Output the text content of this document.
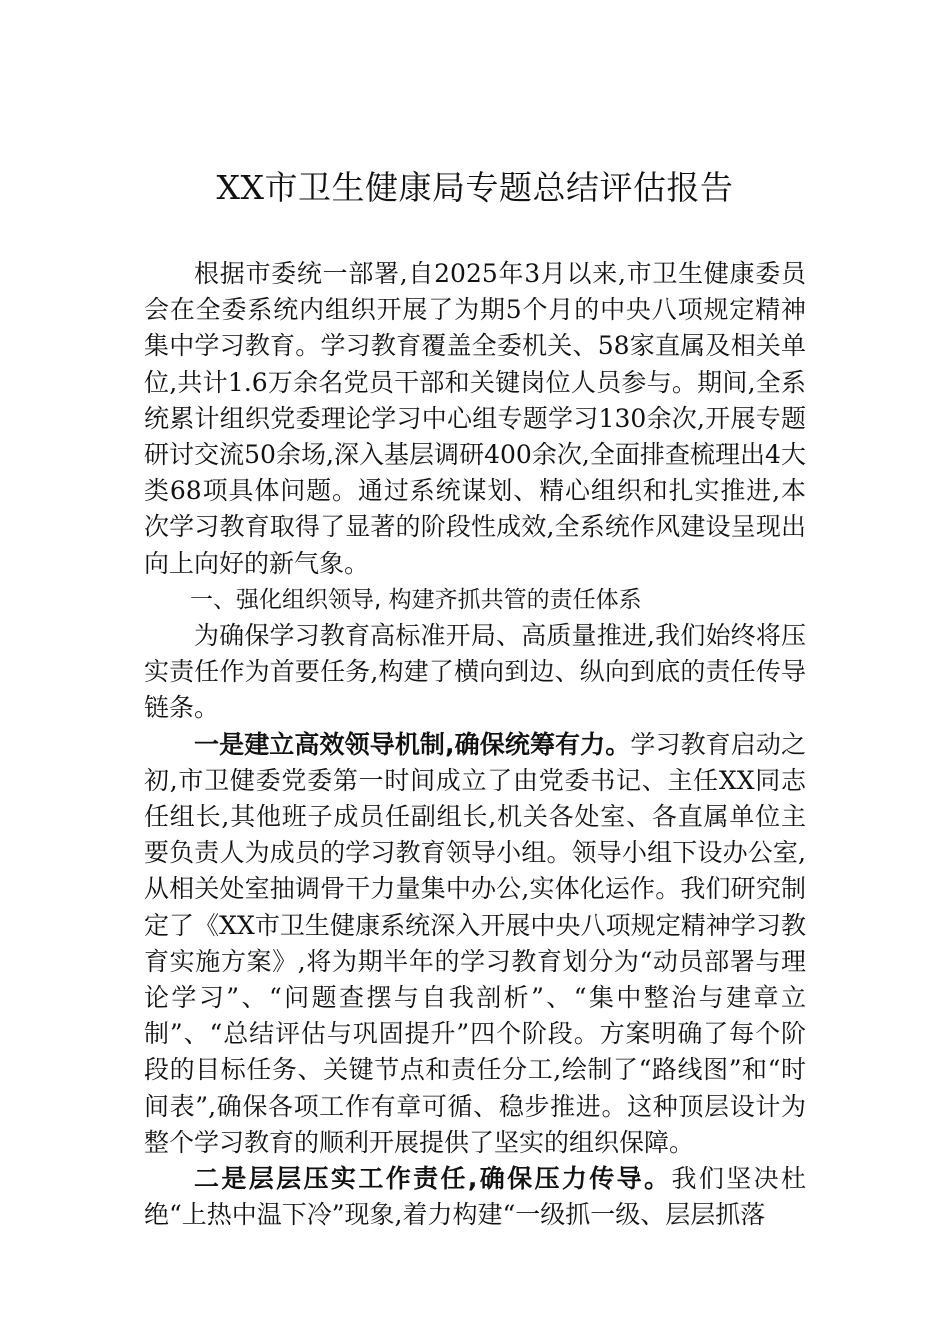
XX市卫生健康局专题总结评估报告

根据市委统一部署,自2025年3月以来,市卫生健康委员会在全委系统内组织开展了为期5个月的中央八项规定精神集中学习教育。学习教育覆盖全委机关、58家直属及相关单位,共计1.6万余名党员干部和关键岗位人员参与。期间,全系统累计组织党委理论学习中心组专题学习130余次,开展专题研讨交流50余场,深入基层调研400余次,全面排查梳理出4大类68项具体问题。通过系统谋划、精心组织和扎实推进,本次学习教育取得了显著的阶段性成效,全系统作风建设呈现出向上向好的新气象。

一、强化组织领导, 构建齐抓共管的责任体系

为确保学习教育高标准开局、高质量推进,我们始终将压实责任作为首要任务,构建了横向到边、纵向到底的责任传导链条。

一是建立高效领导机制,确保统筹有力。学习教育启动之初,市卫健委党委第一时间成立了由党委书记、主任XX同志任组长,其他班子成员任副组长,机关各处室、各直属单位主要负责人为成员的学习教育领导小组。领导小组下设办公室,从相关处室抽调骨干力量集中办公,实体化运作。我们研究制定了《XX市卫生健康系统深入开展中央八项规定精神学习教育实施方案》,将为期半年的学习教育划分为“动员部署与理论学习”、“问题查摆与自我剖析”、“集中整治与建章立制”、“总结评估与巩固提升”四个阶段。方案明确了每个阶段的目标任务、关键节点和责任分工,绘制了“路线图”和“时间表”,确保各项工作有章可循、稳步推进。这种顶层设计为整个学习教育的顺利开展提供了坚实的组织保障。

二是层层压实工作责任,确保压力传导。我们坚决杜绝“上热中温下冷”现象,着力构建“一级抓一级、层层抓落
